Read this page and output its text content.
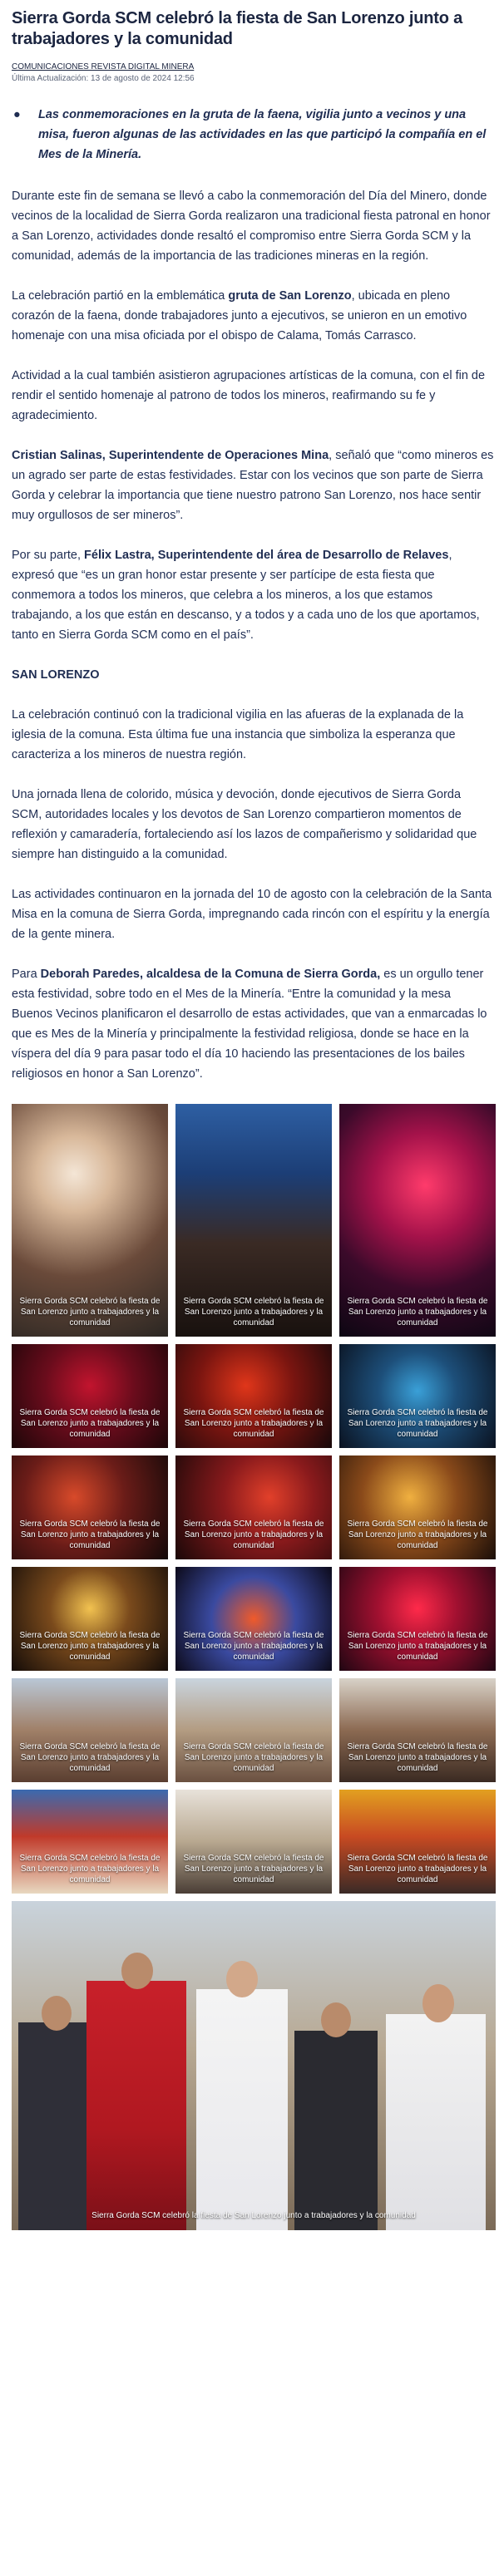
Sierra Gorda SCM celebró la fiesta de San Lorenzo junto a trabajadores y la comunidad
COMUNICACIONES REVISTA DIGITAL MINERA
Última Actualización: 13 de agosto de 2024 12:56
●	Las conmemoraciones en la gruta de la faena, vigilia junto a vecinos y una misa, fueron algunas de las actividades en las que participó la compañía en el Mes de la Minería.

Durante este fin de semana se llevó a cabo la conmemoración del Día del Minero, donde vecinos de la localidad de Sierra Gorda realizaron una tradicional fiesta patronal en honor a San Lorenzo, actividades donde resaltó el compromiso entre Sierra Gorda SCM y la comunidad, además de la importancia de las tradiciones mineras en la región.

La celebración partió en la emblemática gruta de San Lorenzo, ubicada en pleno corazón de la faena, donde trabajadores junto a ejecutivos, se unieron en un emotivo homenaje con una misa oficiada por el obispo de Calama, Tomás Carrasco.

Actividad a la cual también asistieron agrupaciones artísticas de la comuna, con el fin de rendir el sentido homenaje al patrono de todos los mineros, reafirmando su fe y agradecimiento.

Cristian Salinas, Superintendente de Operaciones Mina, señaló que “como mineros es un agrado ser parte de estas festividades. Estar con los vecinos que son parte de Sierra Gorda y celebrar la importancia que tiene nuestro patrono San Lorenzo, nos hace sentir muy orgullosos de ser mineros”.

Por su parte, Félix Lastra, Superintendente del área de Desarrollo de Relaves, expresó que “es un gran honor estar presente y ser partícipe de esta fiesta que conmemora a todos los mineros, que celebra a los mineros, a los que estamos trabajando, a los que están en descanso, y a todos y a cada uno de los que aportamos, tanto en Sierra Gorda SCM como en el país”.

SAN LORENZO

La celebración continuó con la tradicional vigilia en las afueras de la explanada de la iglesia de la comuna. Esta última fue una instancia que simboliza la esperanza que caracteriza a los mineros de nuestra región.

Una jornada llena de colorido, música y devoción, donde ejecutivos de Sierra Gorda SCM, autoridades locales y los devotos de San Lorenzo compartieron momentos de reflexión y camaradería, fortaleciendo así los lazos de compañerismo y solidaridad que siempre han distinguido a la comunidad.

Las actividades continuaron en la jornada del 10 de agosto con la celebración de la Santa Misa en la comuna de Sierra Gorda, impregnando cada rincón con el espíritu y la energía de la gente minera.

Para Deborah Paredes, alcaldesa de la Comuna de Sierra Gorda, es un orgullo tener esta festividad, sobre todo en el Mes de la Minería. “Entre la comunidad y la mesa Buenos Vecinos planificaron el desarrollo de estas actividades, que van a enmarcadas lo que es Mes de la Minería y principalmente la festividad religiosa, donde se hace en la víspera del día 9 para pasar todo el día 10 haciendo las presentaciones de los bailes religiosos en honor a San Lorenzo”.

Sierra Gorda SCM celebró la fiesta de San Lorenzo junto a trabajadores y la comunidad
Sierra Gorda SCM celebró la fiesta de San Lorenzo junto a trabajadores y la comunidad
Sierra Gorda SCM celebró la fiesta de San Lorenzo junto a trabajadores y la comunidad
Sierra Gorda SCM celebró la fiesta de San Lorenzo junto a trabajadores y la comunidad
Sierra Gorda SCM celebró la fiesta de San Lorenzo junto a trabajadores y la comunidad
Sierra Gorda SCM celebró la fiesta de San Lorenzo junto a trabajadores y la comunidad
Sierra Gorda SCM celebró la fiesta de San Lorenzo junto a trabajadores y la comunidad
Sierra Gorda SCM celebró la fiesta de San Lorenzo junto a trabajadores y la comunidad
Sierra Gorda SCM celebró la fiesta de San Lorenzo junto a trabajadores y la comunidad
Sierra Gorda SCM celebró la fiesta de San Lorenzo junto a trabajadores y la comunidad
Sierra Gorda SCM celebró la fiesta de San Lorenzo junto a trabajadores y la comunidad
Sierra Gorda SCM celebró la fiesta de San Lorenzo junto a trabajadores y la comunidad
Sierra Gorda SCM celebró la fiesta de San Lorenzo junto a trabajadores y la comunidad
Sierra Gorda SCM celebró la fiesta de San Lorenzo junto a trabajadores y la comunidad
Sierra Gorda SCM celebró la fiesta de San Lorenzo junto a trabajadores y la comunidad
Sierra Gorda SCM celebró la fiesta de San Lorenzo junto a trabajadores y la comunidad
Sierra Gorda SCM celebró la fiesta de San Lorenzo junto a trabajadores y la comunidad
Sierra Gorda SCM celebró la fiesta de San Lorenzo junto a trabajadores y la comunidad
Sierra Gorda SCM celebró la fiesta de San Lorenzo junto a trabajadores y la comunidad
